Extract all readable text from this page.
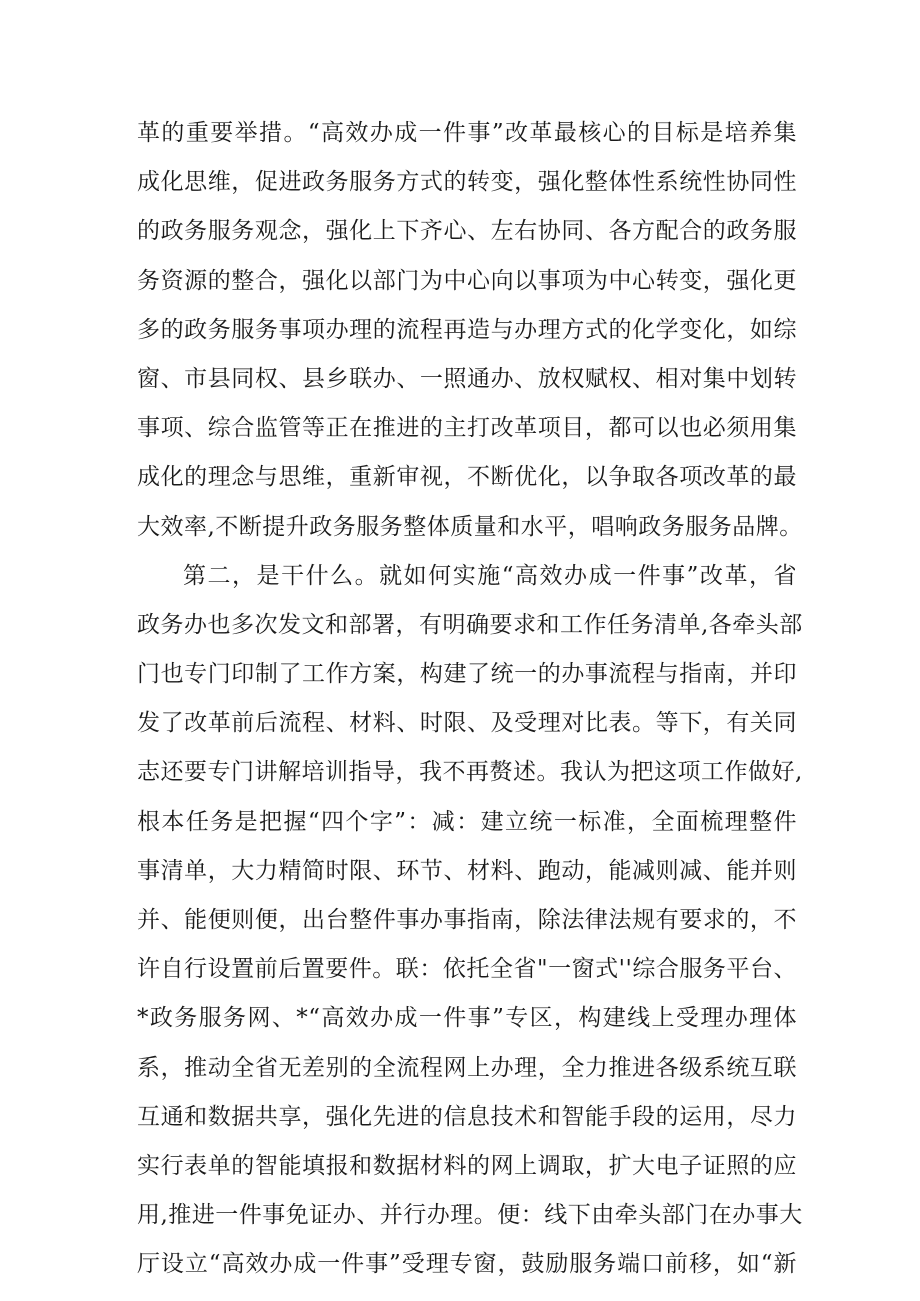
革的重要举措。“高效办成一件事”改革最核心的目标是培养集
成化思维，促进政务服务方式的转变，强化整体性系统性协同性
的政务服务观念，强化上下齐心、左右协同、各方配合的政务服
务资源的整合，强化以部门为中心向以事项为中心转变，强化更
多的政务服务事项办理的流程再造与办理方式的化学变化，如综
窗、市县同权、县乡联办、一照通办、放权赋权、相对集中划转
事项、综合监管等正在推进的主打改革项目，都可以也必须用集
成化的理念与思维，重新审视，不断优化，以争取各项改革的最
大效率,不断提升政务服务整体质量和水平，唱响政务服务品牌。
第二，是干什么。就如何实施“高效办成一件事”改革，省
政务办也多次发文和部署，有明确要求和工作任务清单,各牵头部
门也专门印制了工作方案，构建了统一的办事流程与指南，并印
发了改革前后流程、材料、时限、及受理对比表。等下，有关同
志还要专门讲解培训指导，我不再赘述。我认为把这项工作做好,
根本任务是把握“四个字”：减：建立统一标准，全面梳理整件
事清单，大力精简时限、环节、材料、跑动，能减则减、能并则
并、能便则便，出台整件事办事指南，除法律法规有要求的，不
许自行设置前后置要件。联：依托全省"一窗式''综合服务平台、
*政务服务网、*“高效办成一件事”专区，构建线上受理办理体
系，推动全省无差别的全流程网上办理，全力推进各级系统互联
互通和数据共享，强化先进的信息技术和智能手段的运用，尽力
实行表单的智能填报和数据材料的网上调取，扩大电子证照的应
用,推进一件事免证办、并行办理。便：线下由牵头部门在办事大
厅设立“高效办成一件事”受理专窗，鼓励服务端口前移，如“新
